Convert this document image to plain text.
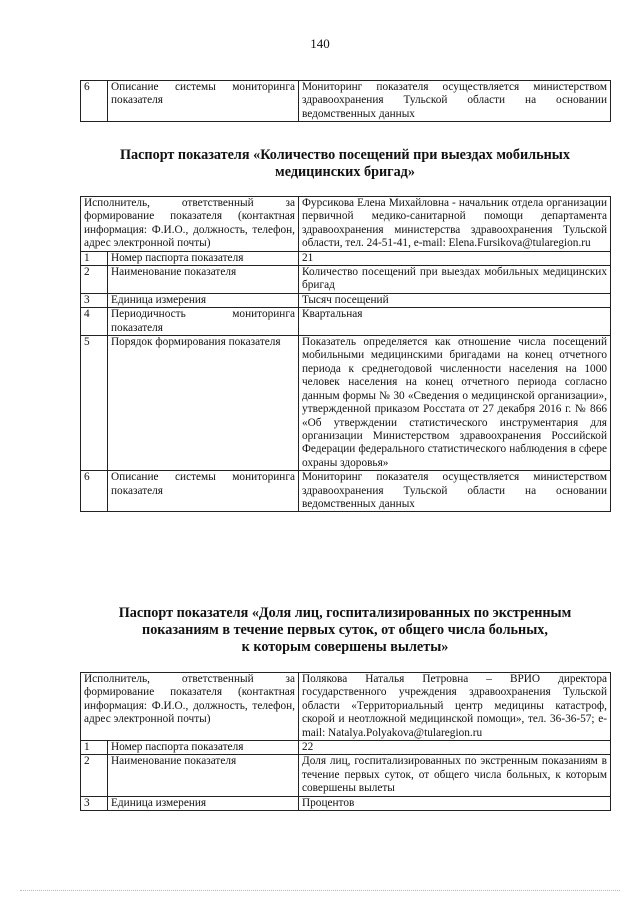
140
6	Описание системы мониторинга показателя	Мониторинг показателя осуществляется министерством здравоохранения Тульской области на основании ведомственных данных
Паспорт показателя «Количество посещений при выездах мобильных
медицинских бригад»
Исполнитель, ответственный за формирование показателя (контактная информация: Ф.И.О., должность, телефон, адрес электронной почты)		Фурсикова Елена Михайловна - начальник отдела организации первичной медико-санитарной помощи департамента здравоохранения министерства здравоохранения Тульской области, тел. 24-51-41, e-mail: Elena.Fursikova@tularegion.ru
1	Номер паспорта показателя	21
2	Наименование показателя	Количество посещений при выездах мобильных медицинских бригад
3	Единица измерения	Тысяч посещений
4	Периодичность мониторинга показателя	Квартальная
5	Порядок формирования показателя	Показатель определяется как отношение числа посещений мобильными медицинскими бригадами на конец отчетного периода к среднегодовой численности населения на 1000 человек населения на конец отчетного периода согласно данным формы № 30 «Сведения о медицинской организации», утвержденной приказом Росстата от 27 декабря 2016 г. № 866 «Об утверждении статистического инструментария для организации Министерством здравоохранения Российской Федерации федерального статистического наблюдения в сфере охраны здоровья»
6	Описание системы мониторинга показателя	Мониторинг показателя осуществляется министерством здравоохранения Тульской области на основании ведомственных данных
Паспорт показателя «Доля лиц, госпитализированных по экстренным
показаниям в течение первых суток, от общего числа больных,
к которым совершены вылеты»
Исполнитель, ответственный за формирование показателя (контактная информация: Ф.И.О., должность, телефон, адрес электронной почты)		Полякова Наталья Петровна – ВРИО директора государственного учреждения здравоохранения Тульской области «Территориальный центр медицины катастроф, скорой и неотложной медицинской помощи», тел. 36-36-57; e-mail: Natalya.Polyakova@tularegion.ru
1	Номер паспорта показателя	22
2	Наименование показателя	Доля лиц, госпитализированных по экстренным показаниям в течение первых суток, от общего числа больных, к которым совершены вылеты
3	Единица измерения	Процентов
